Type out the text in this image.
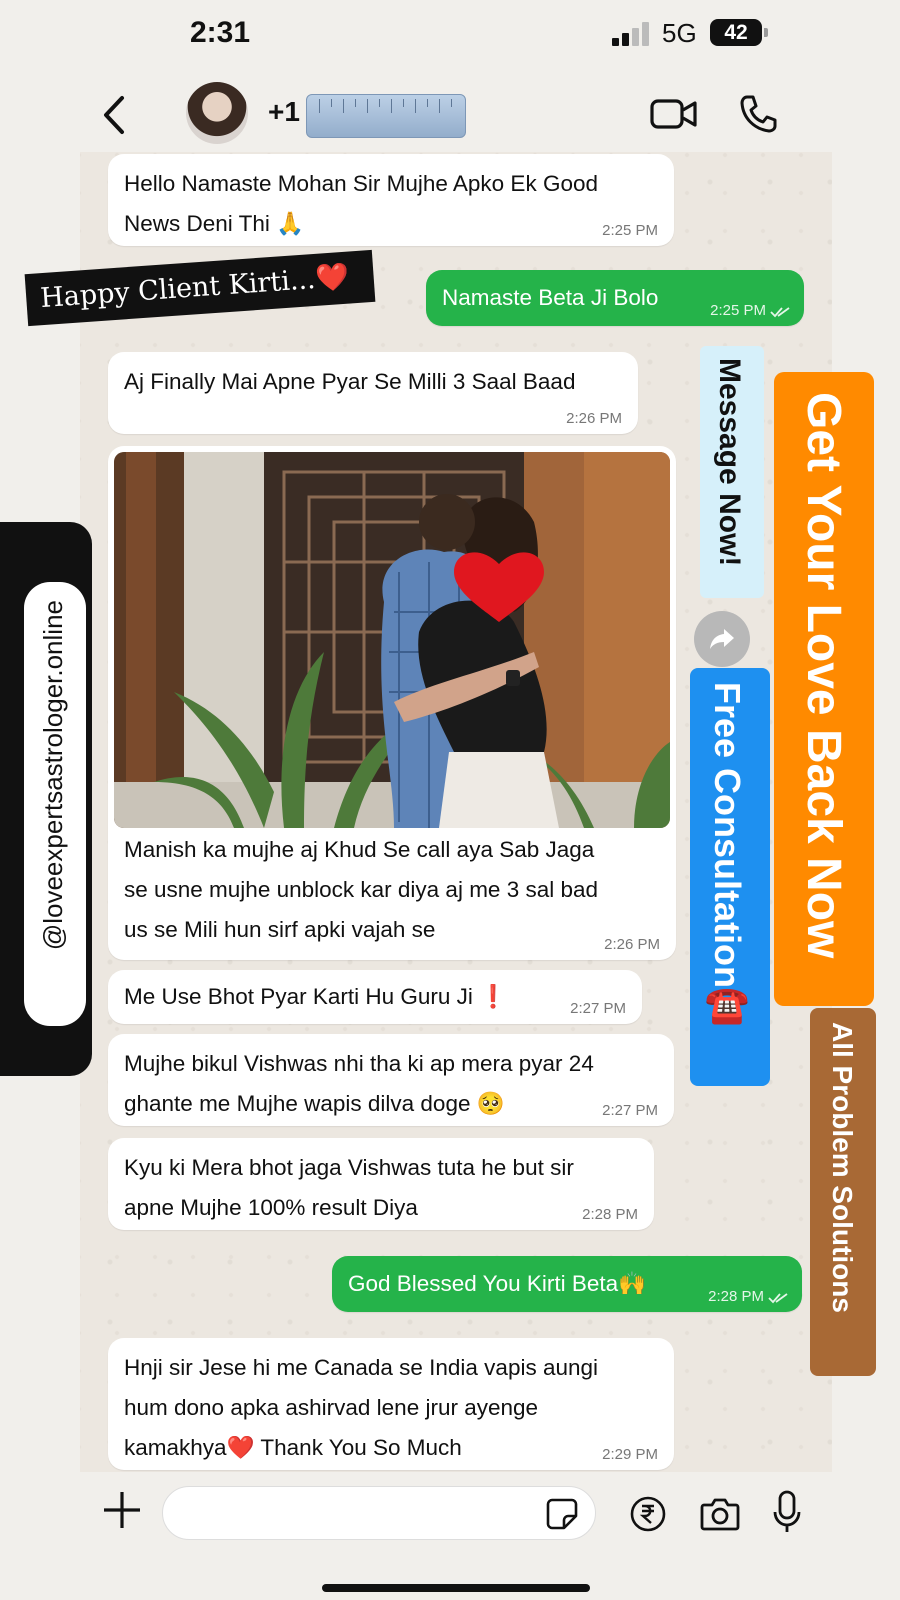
2:31	5G	42
+1
Hello Namaste Mohan Sir Mujhe Apko Ek Good
News Deni Thi 🙏	2:25 PM
Namaste Beta Ji Bolo
2:25 PM
Aj Finally Mai Apne Pyar Se Milli 3 Saal Baad
2:26 PM
Manish ka mujhe aj Khud Se call aya Sab Jaga
se usne mujhe unblock kar diya aj me 3 sal bad
us se Mili hun sirf apki vajah se
2:26 PM
Me Use Bhot Pyar Karti Hu Guru Ji ❗	2:27 PM
Mujhe bikul Vishwas nhi tha ki ap mera pyar 24
ghante me Mujhe wapis dilva doge 🥺	2:27 PM
Kyu ki Mera bhot jaga Vishwas tuta he but sir
apne Mujhe 100% result Diya	2:28 PM
God Blessed You Kirti Beta🙌
2:28 PM
Hnji sir Jese hi me Canada se India vapis aungi
hum dono apka ashirvad lene jrur ayenge
kamakhya❤️ Thank You So Much	2:29 PM
Happy Client Kirti...❤️
@loveexpertsastrologer.online
Message Now!
Free Consultation☎️ Get Your Love Back Now
All Problem Solutions
